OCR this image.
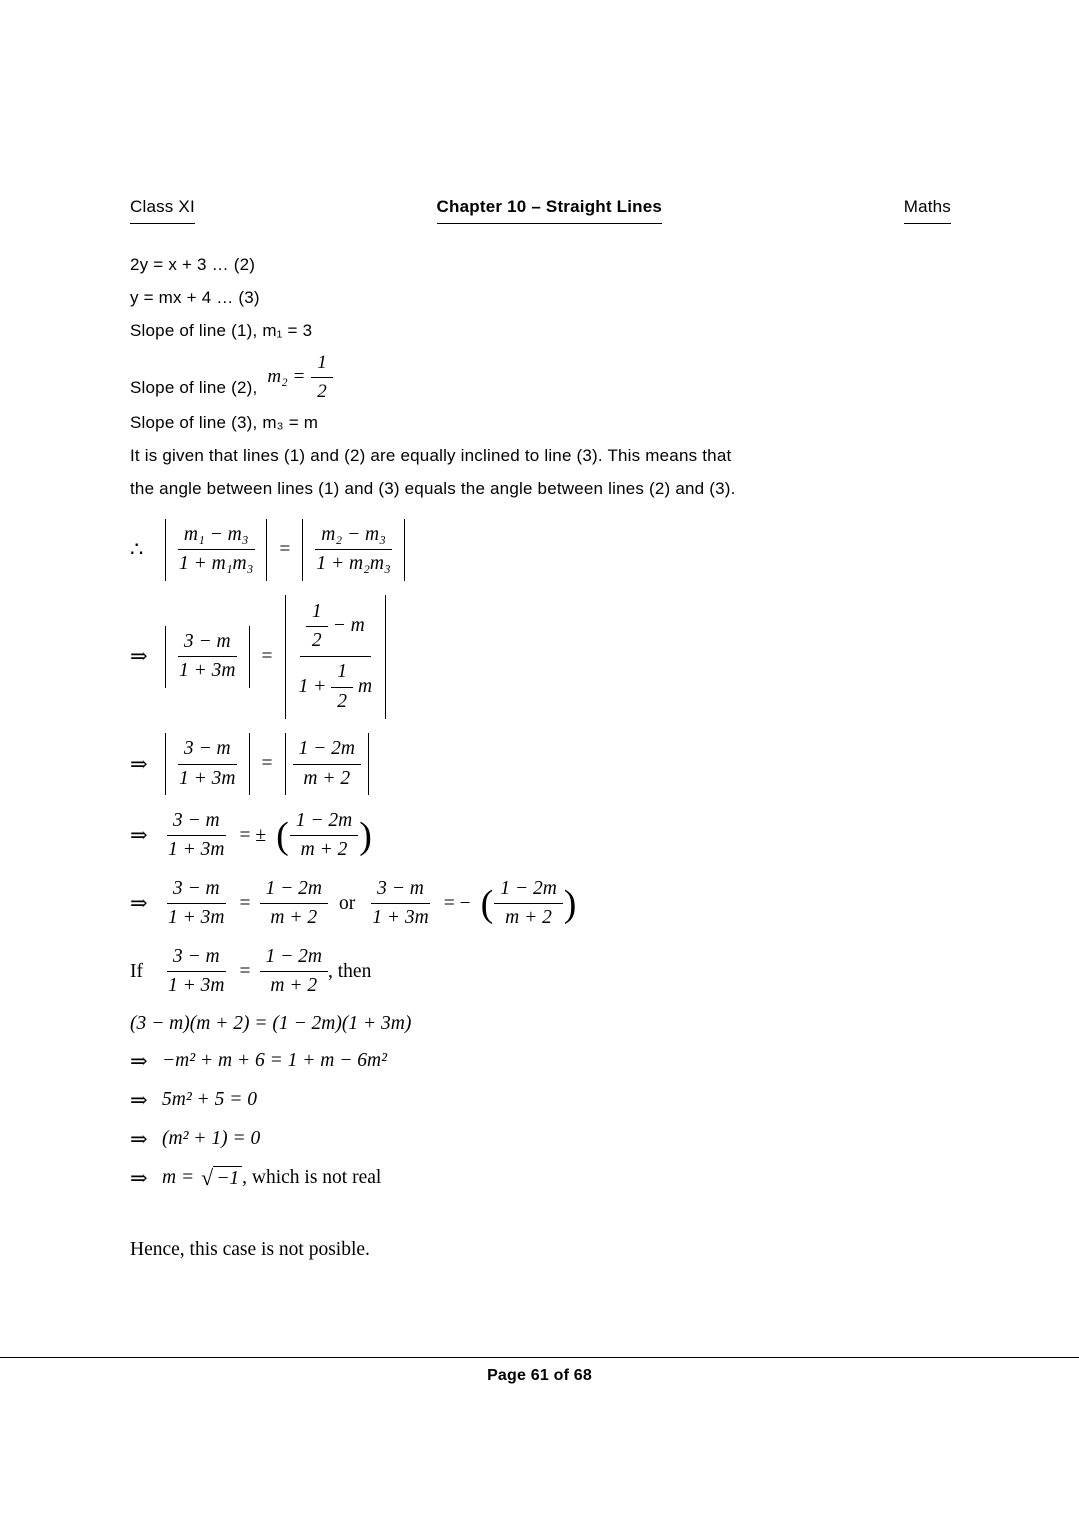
Class XI	Chapter 10 – Straight Lines	Maths
2y = x + 3 … (2)
y = mx + 4 … (3)
Slope of line (1), m₁ = 3
Slope of line (2), $m_2 = \frac{1}{2}$
Slope of line (3), m₃ = m
It is given that lines (1) and (2) are equally inclined to line (3). This means that
the angle between lines (1) and (3) equals the angle between lines (2) and (3).
∴	$\frac{\text{m₁ − m₃}}{\text{1 + m₁m₃}} = \frac{\text{m₂ − m₃}}{\text{1 + m₂m₃}}$
⇒	$\frac{3 - m}{1 + 3m}$ =
$\frac{1}{2} - m$
$1 + \frac{1}{2}$ m
⇒	$\frac{3 - m}{1 + 3m} = \frac{1 - 2m}{m + 2}$
⇒ $\frac{3 - m}{1 + 3m}$ = ± ( $\frac{1 - 2m}{m + 2}$ )
⇒ $\frac{3 - m}{1 + 3m} = \frac{1 - 2m}{m + 2}$ or $\frac{3 - m}{1 + 3m}$ = − ( $\frac{1 - 2m}{m + 2}$ )
If $\frac{3 - m}{1 + 3m} = \frac{1 - 2m}{m + 2}$ , then
(3 − m)(m + 2) = (1 − 2m)(1 + 3m)
⇒ −m² + m + 6 = 1 + m − 6m²
⇒ 5m² + 5 = 0
⇒ (m² + 1) = 0
⇒ m = √ −1 , which is not real
Hence, this case is not posible.
Page 61 of 68
